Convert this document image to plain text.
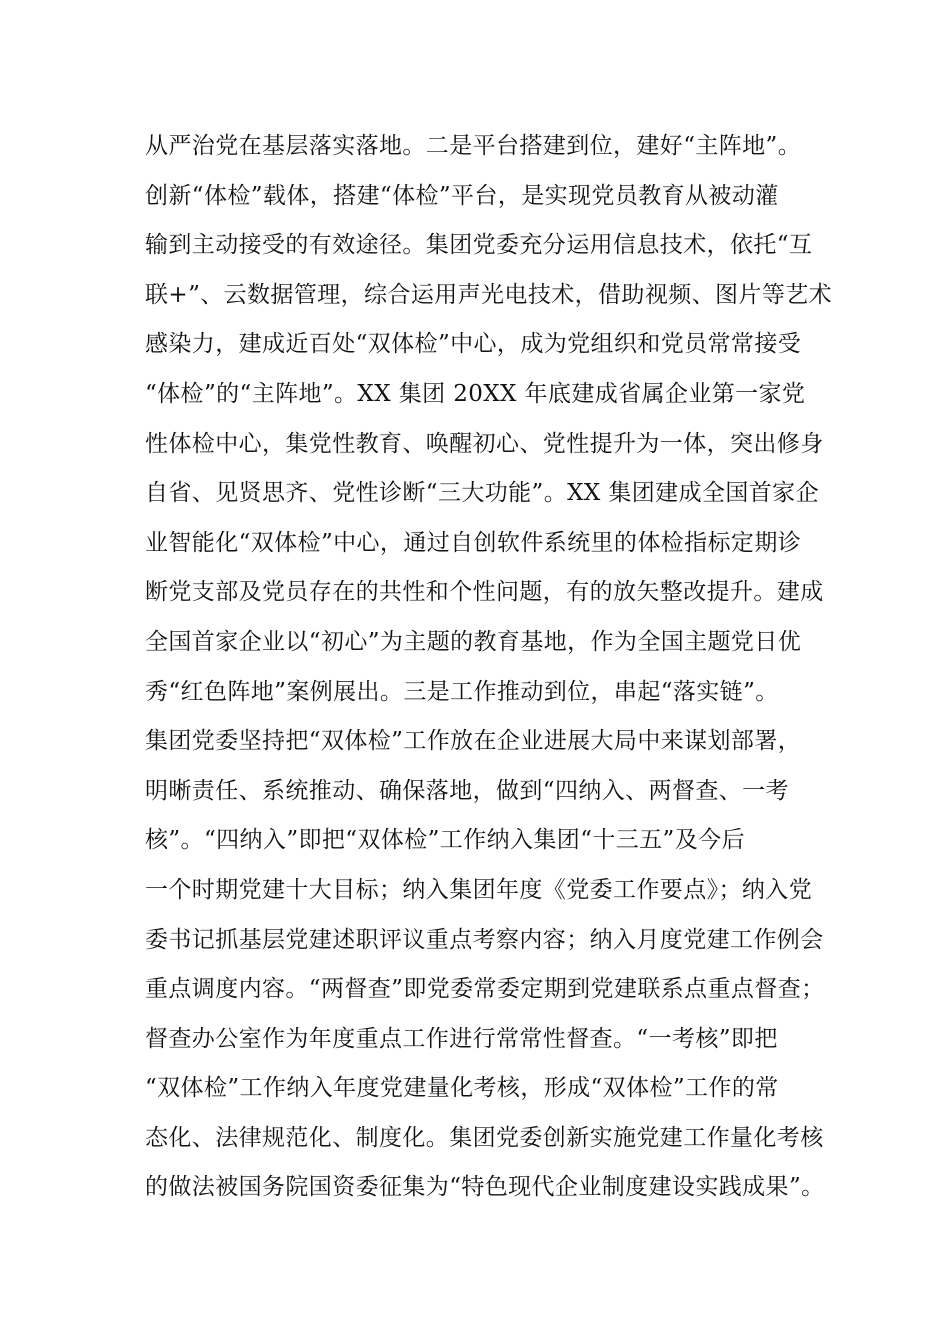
从严治党在基层落实落地。二是平台搭建到位，建好“主阵地”。
创新“体检”载体，搭建“体检”平台，是实现党员教育从被动灌
输到主动接受的有效途径。集团党委充分运用信息技术，依托“互
联+”、云数据管理，综合运用声光电技术，借助视频、图片等艺术
感染力，建成近百处“双体检”中心，成为党组织和党员常常接受
“体检”的“主阵地”。XX 集团 20XX 年底建成省属企业第一家党
性体检中心，集党性教育、唤醒初心、党性提升为一体，突出修身
自省、见贤思齐、党性诊断“三大功能”。XX 集团建成全国首家企
业智能化“双体检”中心，通过自创软件系统里的体检指标定期诊
断党支部及党员存在的共性和个性问题，有的放矢整改提升。建成
全国首家企业以“初心”为主题的教育基地，作为全国主题党日优
秀“红色阵地”案例展出。三是工作推动到位，串起“落实链”。
集团党委坚持把“双体检”工作放在企业进展大局中来谋划部署，
明晰责任、系统推动、确保落地，做到“四纳入、两督查、一考
核”。“四纳入”即把“双体检”工作纳入集团“十三五”及今后
一个时期党建十大目标；纳入集团年度《党委工作要点》；纳入党
委书记抓基层党建述职评议重点考察内容；纳入月度党建工作例会
重点调度内容。“两督查”即党委常委定期到党建联系点重点督查；
督查办公室作为年度重点工作进行常常性督查。“一考核”即把
“双体检”工作纳入年度党建量化考核，形成“双体检”工作的常
态化、法律规范化、制度化。集团党委创新实施党建工作量化考核
的做法被国务院国资委征集为“特色现代企业制度建设实践成果”。
